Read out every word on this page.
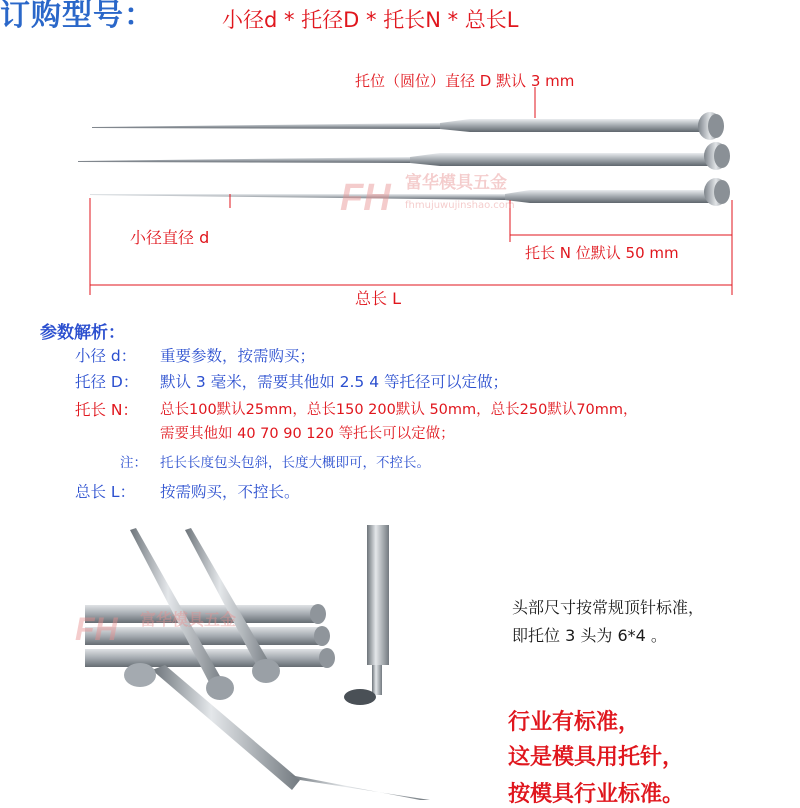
订购型号：	小径d * 托径D * 托长N * 总长L
FH 富华模具五金
fhmujuwujinshao.com
托位（圆位）直径 D 默认 3 mm
小径直径 d
托长 N 位默认 50 mm
总长 L
参数解析：
小径 d： 重要参数，按需购买；
托径 D： 默认 3 毫米，需要其他如 2.5 4 等托径可以定做；
托长 N： 总长100默认25mm，总长150 200默认 50mm，总长250默认70mm，
需要其他如 40 70 90 120 等托长可以定做；
注： 托长长度包头包斜，长度大概即可，不控长。
总长 L： 按需购买，不控长。
FH 富华模具五金
头部尺寸按常规顶针标准，
即托位 3 头为 6*4 。
行业有标准，
这是模具用托针，
按模具行业标准。
